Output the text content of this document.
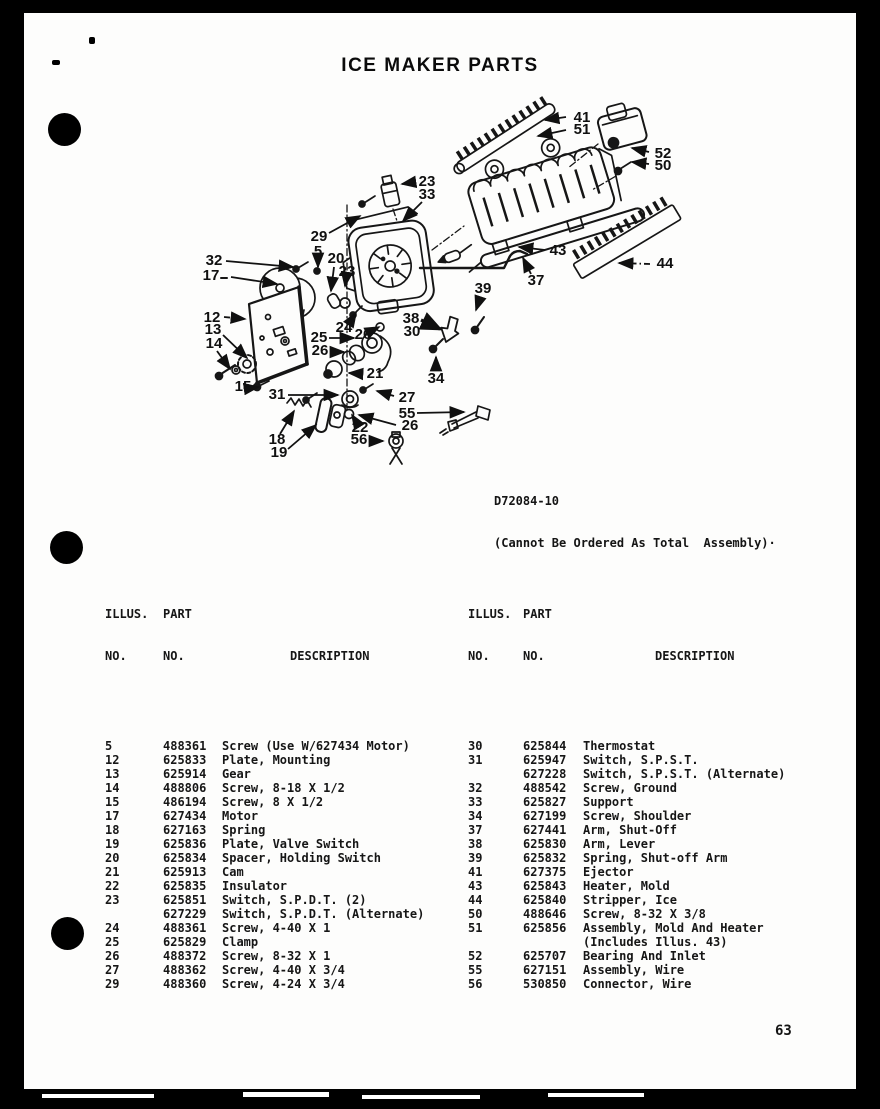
ICE MAKER PARTS
41
51
52
50
23
33
29
5 20
23
32
17
43
44
37
12
13
14
15 31
18
19
25
26
24 26
21
27
55
26
22
56
38
30
39
34

D72084-10

(Cannot Be Ordered As Total  Assembly)·

ILLUS.	PART

NO.	NO.	DESCRIPTION

5	488361	Screw (Use W/627434 Motor)
12	625833	Plate, Mounting
13	625914	Gear
14	488806	Screw, 8-18 X 1/2
15	486194	Screw, 8 X 1/2
17	627434	Motor
18	627163	Spring
19	625836	Plate, Valve Switch
20	625834	Spacer, Holding Switch
21	625913	Cam
22	625835	Insulator
23	625851	Switch, S.P.D.T. (2)
627229	Switch, S.P.D.T. (Alternate)
24	488361	Screw, 4-40 X 1
25	625829	Clamp
26	488372	Screw, 8-32 X 1
27	488362	Screw, 4-40 X 3/4
29	488360	Screw, 4-24 X 3/4

ILLUS. PART

NO.	NO.	DESCRIPTION

30	625844	Thermostat
31	625947	Switch, S.P.S.T.
627228	Switch, S.P.S.T. (Alternate)
32	488542	Screw, Ground
33	625827	Support
34	627199	Screw, Shoulder
37	627441	Arm, Shut-Off
38	625830	Arm, Lever
39	625832	Spring, Shut-off Arm
41	627375	Ejector
43	625843	Heater, Mold
44	625840	Stripper, Ice
50	488646	Screw, 8-32 X 3/8
51	625856	Assembly, Mold And Heater
(Includes Illus. 43)
52	625707	Bearing And Inlet
55	627151	Assembly, Wire
56	530850	Connector, Wire

63
